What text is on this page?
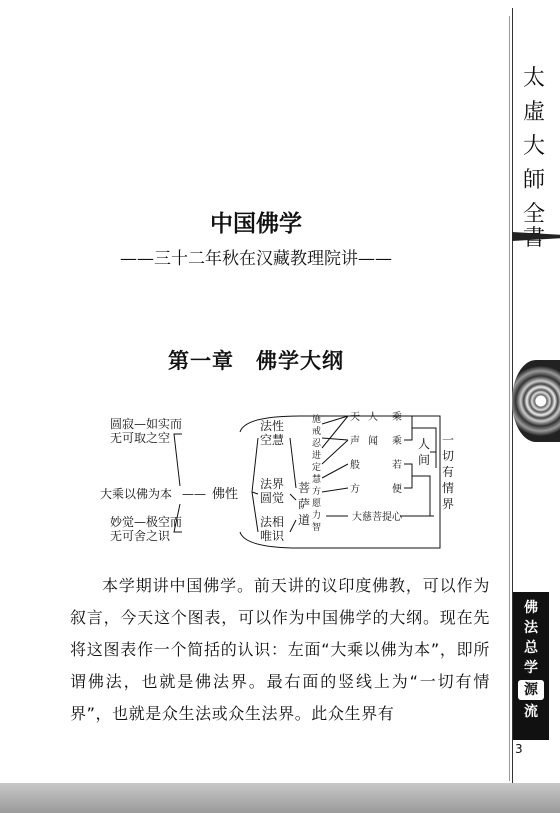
太
虛
大
師
全
佛
法
总
学
源
流
3
中国佛学
——三十二年秋在汉藏教理院讲——
第一章　佛学大纲
圆寂—如实而
无可取之空
大乘以佛为本 ——
妙觉—极空而
无可舍之识
佛性
法性
空慧
法界
圆觉
法相
唯识
菩
萨
道
施
戒
忍
进
定
慧
方
愿
力
智
天 人 乘
声 闻 乘
般	若
方	便
大慈菩提心
人
间
一
切
有
情
界

本学期讲中国佛学。前天讲的议印度佛教，可以作为叙言，今天这个图表，可以作为中国佛学的大纲。现在先将这图表作一个简括的认识：左面“大乘以佛为本”，即所谓佛法，也就是佛法界。最右面的竖线上为“一切有情界”，也就是众生法或众生法界。此众生界有
